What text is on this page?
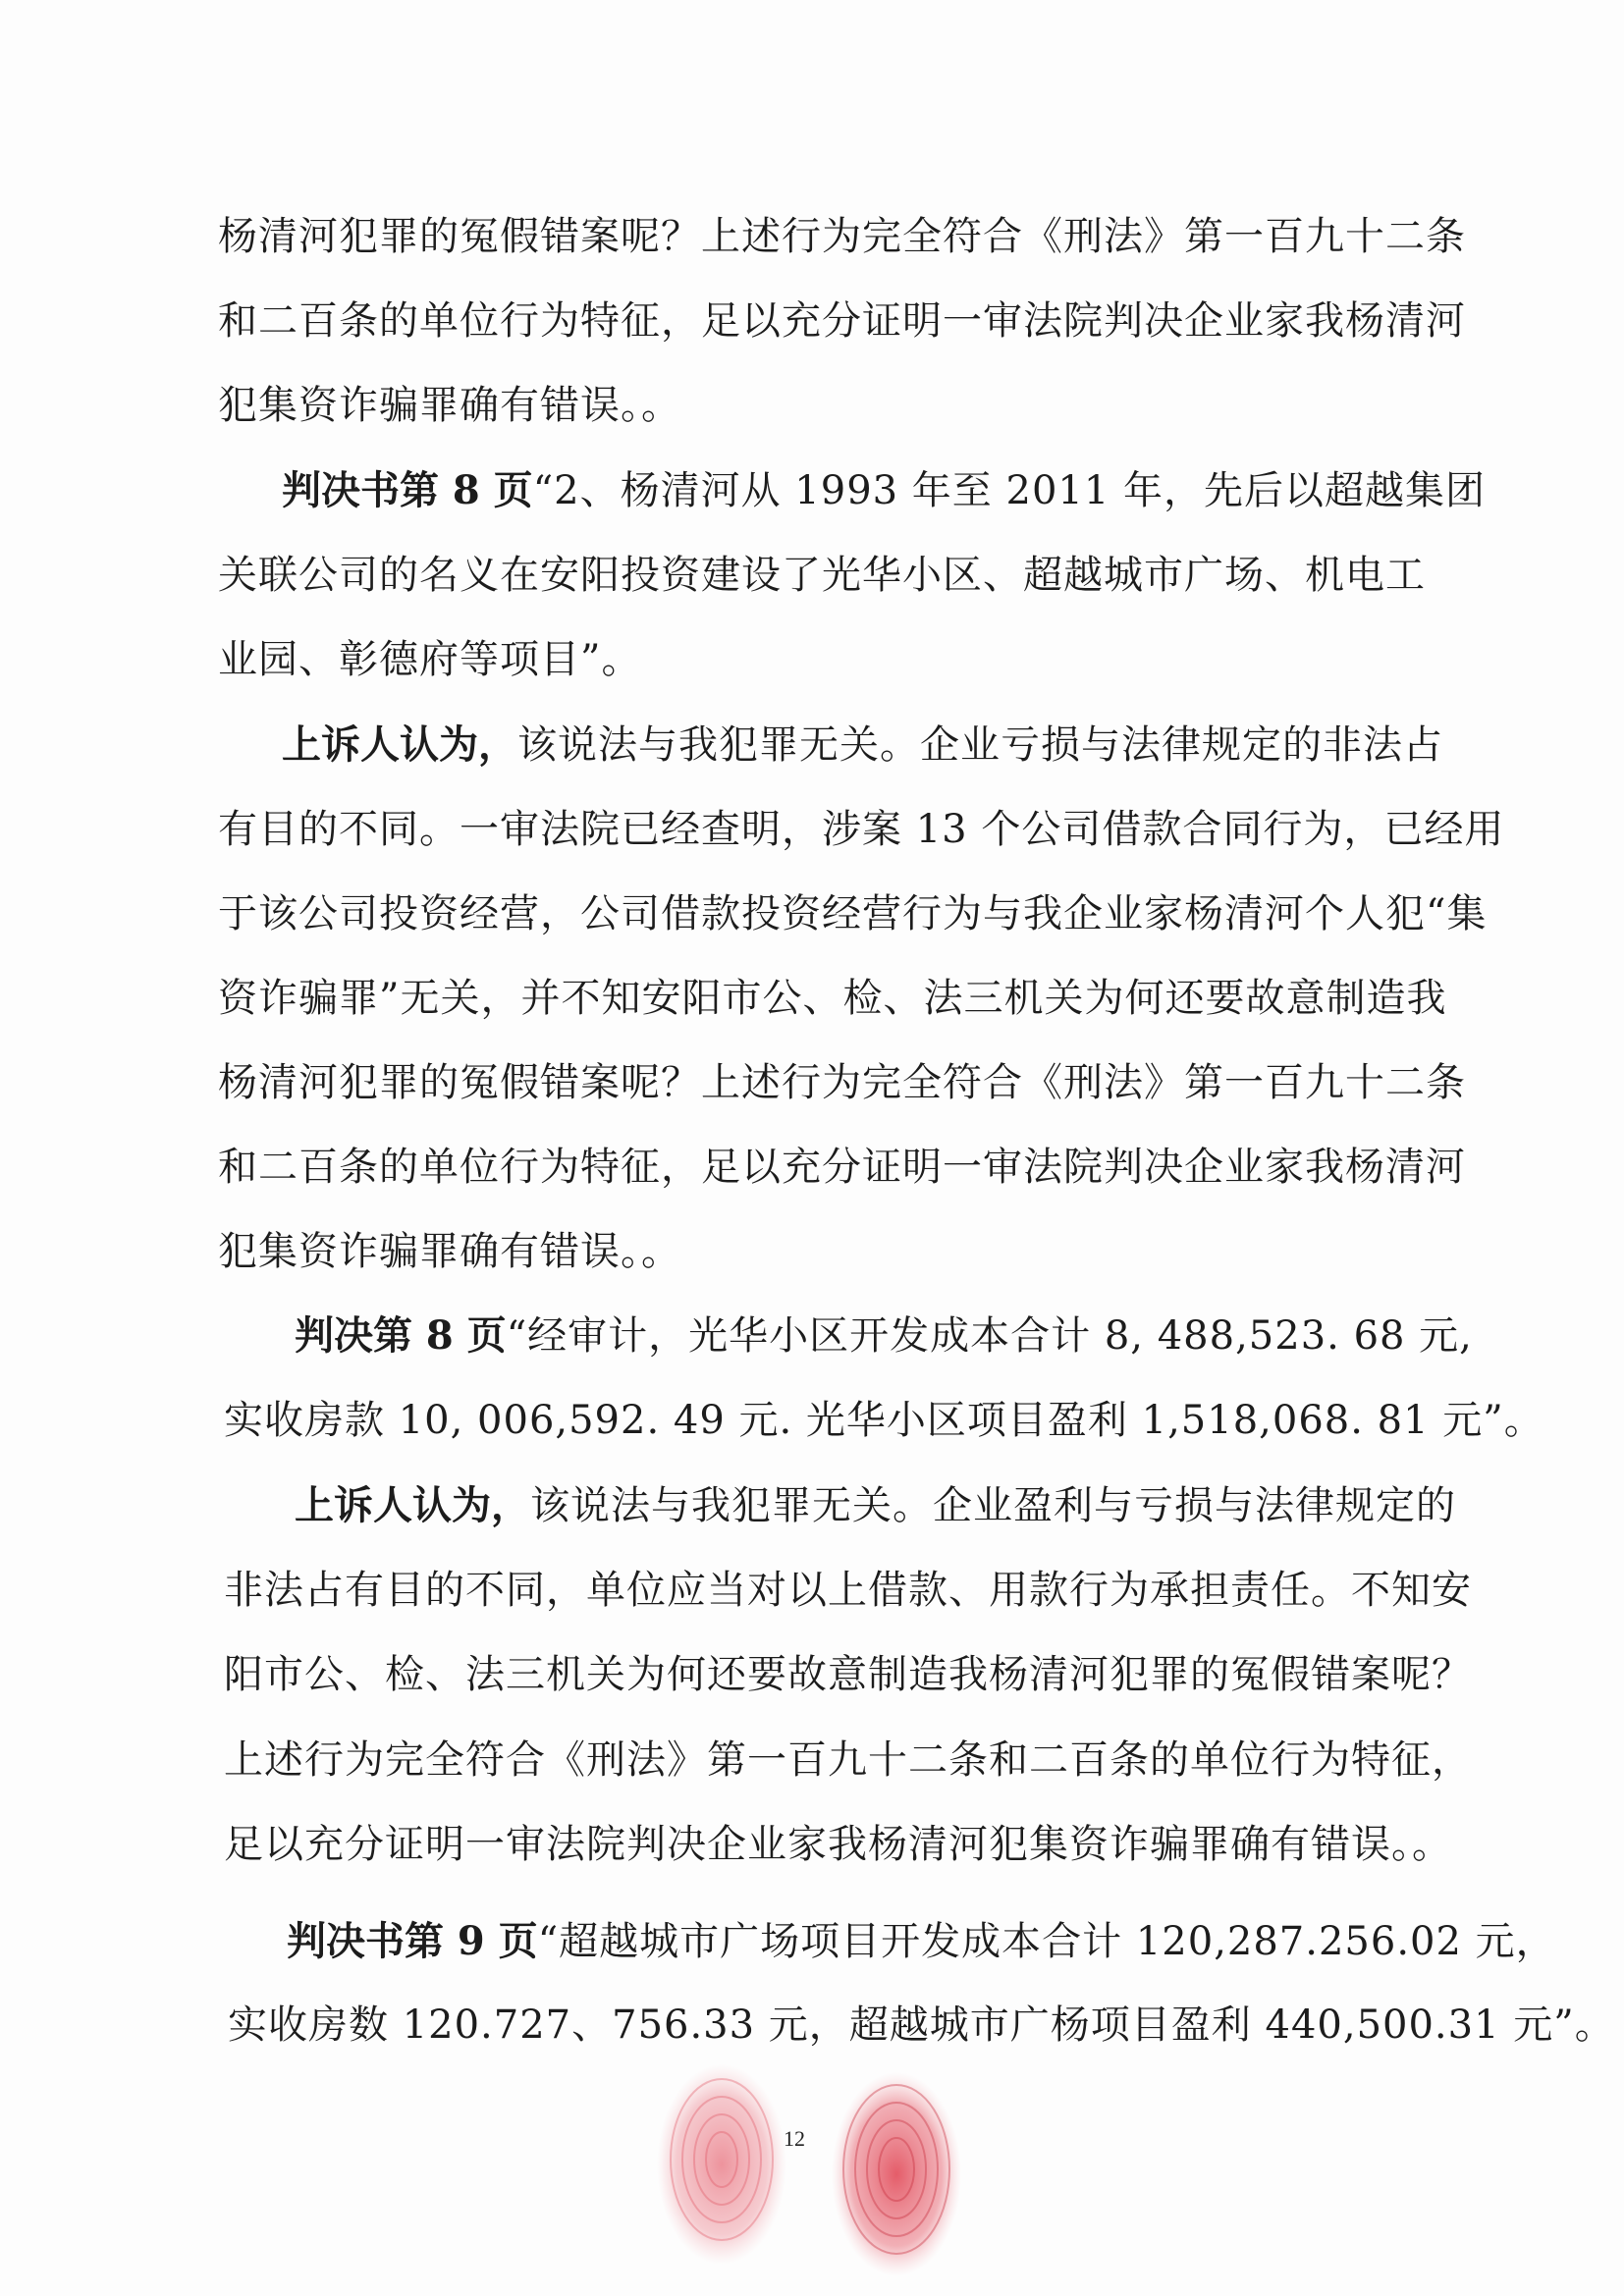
杨清河犯罪的冤假错案呢？上述行为完全符合《刑法》第一百九十二条
和二百条的单位行为特征，足以充分证明一审法院判决企业家我杨清河
犯集资诈骗罪确有错误。。
判决书第 8 页“2、杨清河从 1993 年至 2011 年，先后以超越集团
关联公司的名义在安阳投资建设了光华小区、超越城市广场、机电工
业园、彰德府等项目”。
上诉人认为，该说法与我犯罪无关。企业亏损与法律规定的非法占
有目的不同。一审法院已经查明，涉案 13 个公司借款合同行为，已经用
于该公司投资经营，公司借款投资经营行为与我企业家杨清河个人犯“集
资诈骗罪”无关，并不知安阳市公、检、法三机关为何还要故意制造我
杨清河犯罪的冤假错案呢？上述行为完全符合《刑法》第一百九十二条
和二百条的单位行为特征，足以充分证明一审法院判决企业家我杨清河
犯集资诈骗罪确有错误。。
判决第 8 页“经审计，光华小区开发成本合计 8, 488,523. 68 元,
实收房款 10, 006,592. 49 元. 光华小区项目盈利 1,518,068. 81 元”。
上诉人认为，该说法与我犯罪无关。企业盈利与亏损与法律规定的
非法占有目的不同，单位应当对以上借款、用款行为承担责任。不知安
阳市公、检、法三机关为何还要故意制造我杨清河犯罪的冤假错案呢？
上述行为完全符合《刑法》第一百九十二条和二百条的单位行为特征，
足以充分证明一审法院判决企业家我杨清河犯集资诈骗罪确有错误。。
判决书第 9 页“超越城市广场项目开发成本合计 120,287.256.02 元，
实收房数 120.727、756.33 元，超越城市广杨项目盈利 440,500.31 元”。
12
